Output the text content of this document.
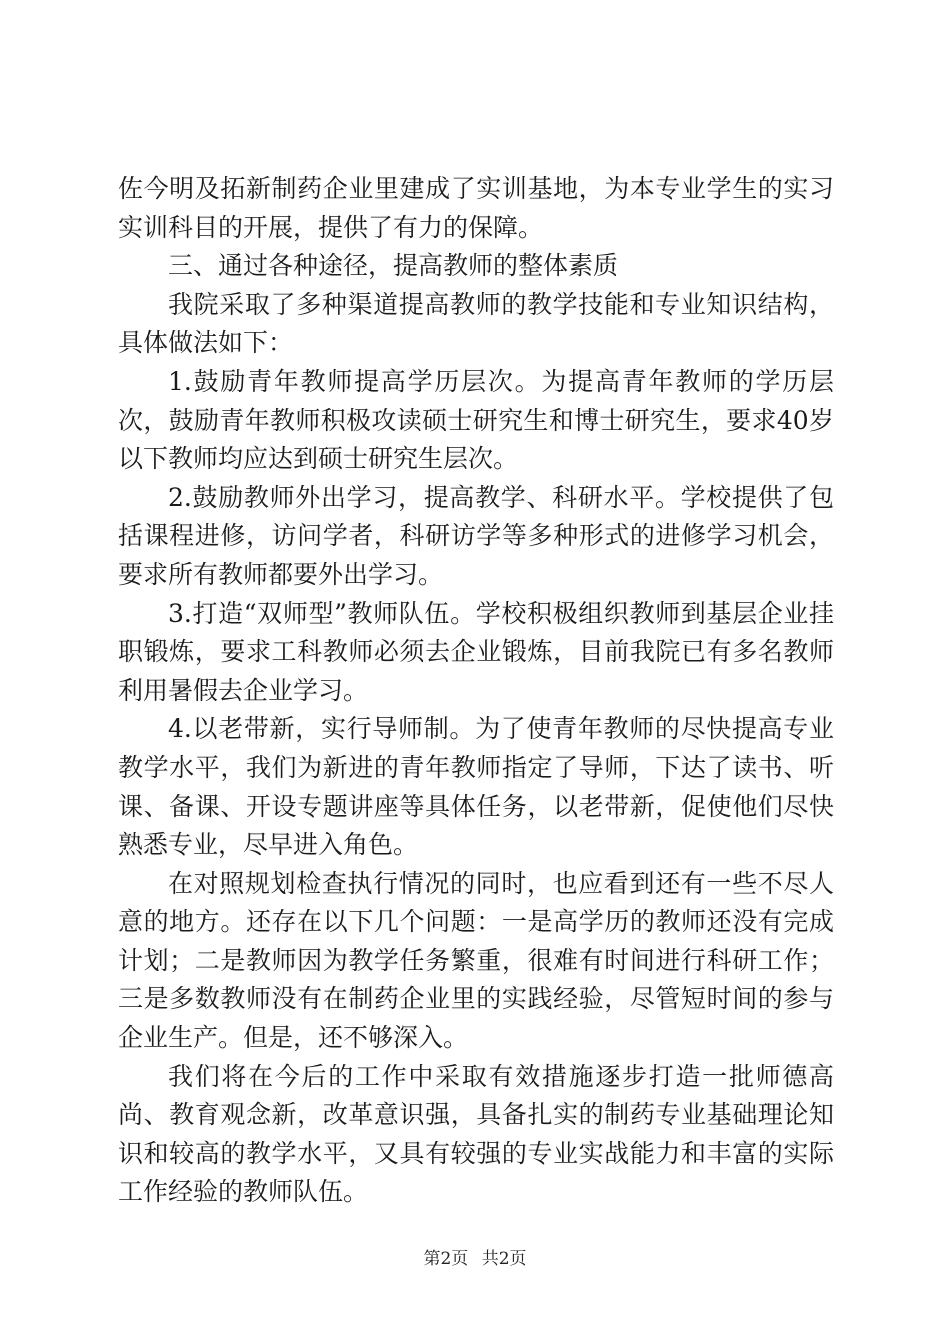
佐今明及拓新制药企业里建成了实训基地，为本专业学生的实习实训科目的开展，提供了有力的保障。

三、通过各种途径，提高教师的整体素质

我院采取了多种渠道提高教师的教学技能和专业知识结构，具体做法如下：

1.鼓励青年教师提高学历层次。为提高青年教师的学历层次，鼓励青年教师积极攻读硕士研究生和博士研究生，要求40岁以下教师均应达到硕士研究生层次。

2.鼓励教师外出学习，提高教学、科研水平。学校提供了包括课程进修，访问学者，科研访学等多种形式的进修学习机会，要求所有教师都要外出学习。

3.打造“双师型”教师队伍。学校积极组织教师到基层企业挂职锻炼，要求工科教师必须去企业锻炼，目前我院已有多名教师利用暑假去企业学习。

4.以老带新，实行导师制。为了使青年教师的尽快提高专业教学水平，我们为新进的青年教师指定了导师，下达了读书、听课、备课、开设专题讲座等具体任务，以老带新，促使他们尽快熟悉专业，尽早进入角色。

在对照规划检查执行情况的同时，也应看到还有一些不尽人意的地方。还存在以下几个问题：一是高学历的教师还没有完成计划；二是教师因为教学任务繁重，很难有时间进行科研工作；三是多数教师没有在制药企业里的实践经验，尽管短时间的参与企业生产。但是，还不够深入。

我们将在今后的工作中采取有效措施逐步打造一批师德高尚、教育观念新，改革意识强，具备扎实的制药专业基础理论知识和较高的教学水平，又具有较强的专业实战能力和丰富的实际工作经验的教师队伍。

第2页 共2页
